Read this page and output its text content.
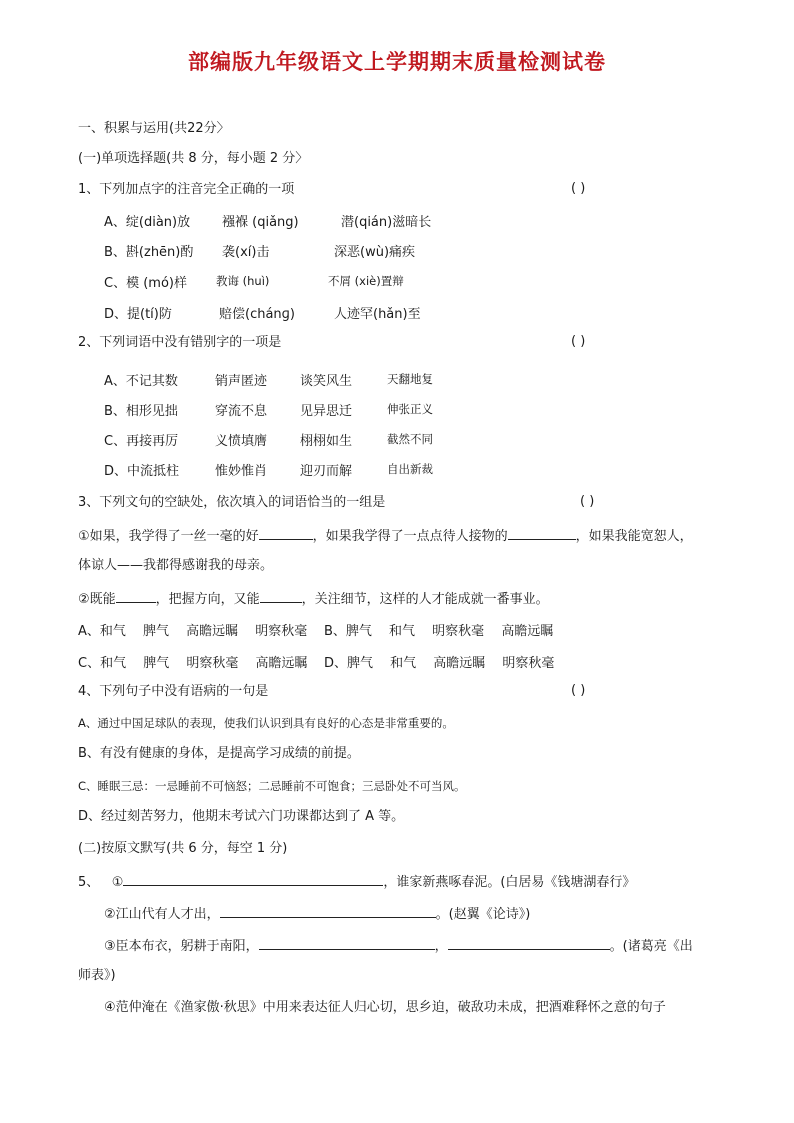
部编版九年级语文上学期期末质量检测试卷
一、积累与运用(共22分〉
(一)单项选择题(共 8 分，每小题 2 分〉
1、下列加点字的注音完全正确的一项	( )
A、绽(diàn)放 襁褓 (qiǎng)	潜(qián)滋暗长
B、斟(zhēn)酌 袭(xí)击	深恶(wù)痛疾
C、模 (mó)样	教诲 (huì)	不屑 (xiè)置辩
D、提(tí)防	赔偿(chánɡ)	人迹罕(hǎn)至
2、下列词语中没有错别字的一项是	( )
A、不记其数	销声匿迹	谈笑风生	天翻地复
B、相形见拙	穿流不息	见异思迁	伸张正义
C、再接再厉	义愤填膺	栩栩如生	截然不同
D、中流抵柱	惟妙惟肖	迎刃而解	自出新裁
3、下列文句的空缺处，依次填入的词语恰当的一组是	( )
①如果，我学得了一丝一毫的好	，如果我学得了一点点待人接物的	，如果我能宽恕人，
体谅人——我都得感谢我的母亲。
②既能	，把握方向，又能	，关注细节，这样的人才能成就一番事业。
A、和气　 脾气　 高瞻远瞩　 明察秋毫 B、脾气　 和气　 明察秋毫　 高瞻远瞩
C、和气　 脾气　 明察秋毫　 高瞻远瞩 D、脾气　 和气　 高瞻远瞩　 明察秋毫
4、下列句子中没有语病的一句是	( )
A、通过中国足球队的表现，使我们认识到具有良好的心态是非常重要的。
B、有没有健康的身体，是提高学习成绩的前提。
C、睡眠三忌：一忌睡前不可恼怒；二忌睡前不可饱食；三忌卧处不可当风。
D、经过刻苦努力，他期末考试六门功课都达到了 A 等。
(二)按原文默写(共 6 分，每空 1 分)
5、 ①	，谁家新燕啄春泥。(白居易《钱塘湖春行》
②江山代有人才出，	。(赵翼《论诗》)
③臣本布衣，躬耕于南阳，	，	。(诸葛亮《出
师表》)
④范仲淹在《渔家傲·秋思》中用来表达征人归心切，思乡迫，破敌功未成，把酒难释怀之意的句子
